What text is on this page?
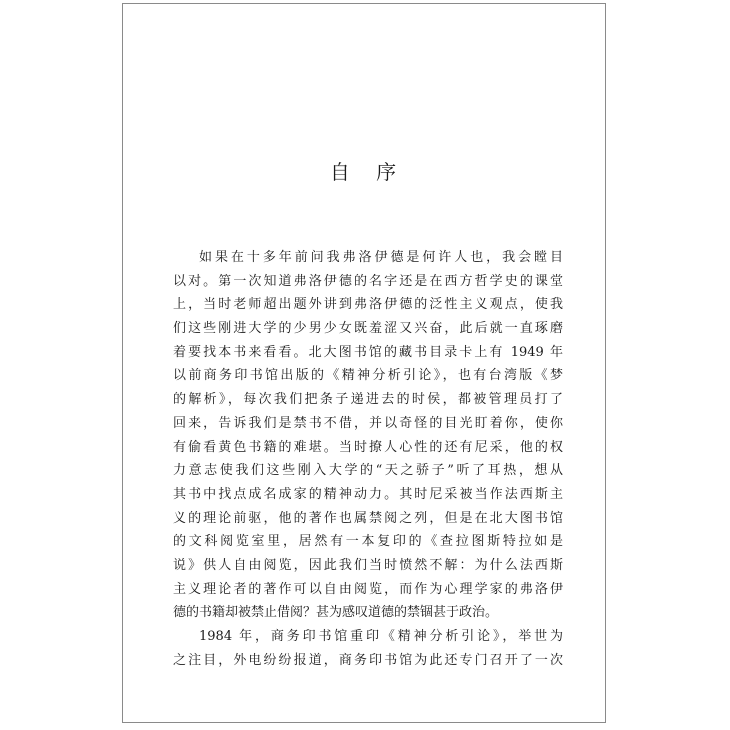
自 序
如果在十多年前问我弗洛伊德是何许人也，我会瞠目
以对。第一次知道弗洛伊德的名字还是在西方哲学史的课堂
上，当时老师超出题外讲到弗洛伊德的泛性主义观点，使我
们这些刚进大学的少男少女既羞涩又兴奋，此后就一直琢磨
着要找本书来看看。北大图书馆的藏书目录卡上有 1949 年
以前商务印书馆出版的《精神分析引论》，也有台湾版《梦
的解析》，每次我们把条子递进去的时侯，都被管理员打了
回来，告诉我们是禁书不借，并以奇怪的目光盯着你，使你
有偷看黄色书籍的难堪。当时撩人心性的还有尼采，他的权
力意志使我们这些刚入大学的“天之骄子”听了耳热，想从
其书中找点成名成家的精神动力。其时尼采被当作法西斯主
义的理论前驱，他的著作也属禁阅之列，但是在北大图书馆
的文科阅览室里，居然有一本复印的《查拉图斯特拉如是
说》供人自由阅览，因此我们当时愤然不解：为什么法西斯
主义理论者的著作可以自由阅览，而作为心理学家的弗洛伊
德的书籍却被禁止借阅？甚为感叹道德的禁锢甚于政治。
1984 年，商务印书馆重印《精神分析引论》，举世为
之注目，外电纷纷报道，商务印书馆为此还专门召开了一次
